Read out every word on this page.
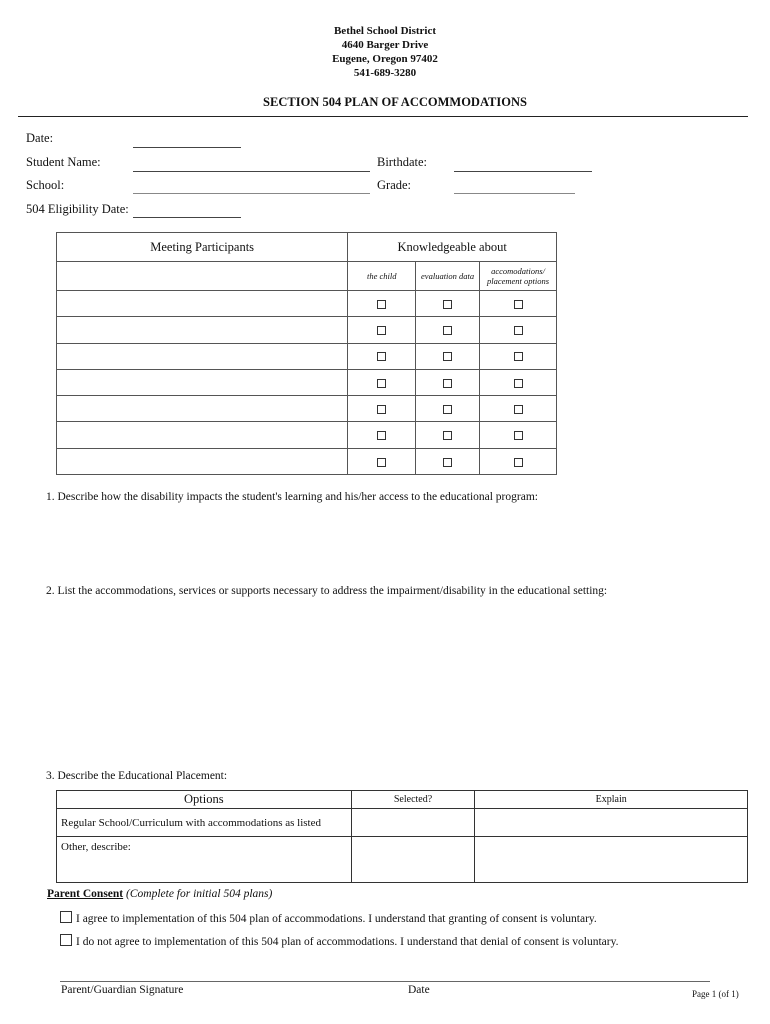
Bethel School District
4640 Barger Drive
Eugene, Oregon 97402
541-689-3280
SECTION 504 PLAN OF ACCOMMODATIONS
Date:
Student Name:	Birthdate:
School:	Grade:
504 Eligibility Date:
Meeting Participants	Knowledgeable about		
	the child	evaluation data	accomodations/
placement options

1. Describe how the disability impacts the student's learning and his/her access to the educational program:
2. List the accommodations, services or supports necessary to address the impairment/disability in the educational setting:
3. Describe the Educational Placement:
Options	Selected?	Explain
Regular School/Curriculum with accommodations as listed		
Other, describe:		
Parent Consent (Complete for initial 504 plans)
I agree to implementation of this 504 plan of accommodations. I understand that granting of consent is voluntary.
I do not agree to implementation of this 504 plan of accommodations. I understand that denial of consent is voluntary.
Parent/Guardian Signature	Date	Page 1 (of 1)
